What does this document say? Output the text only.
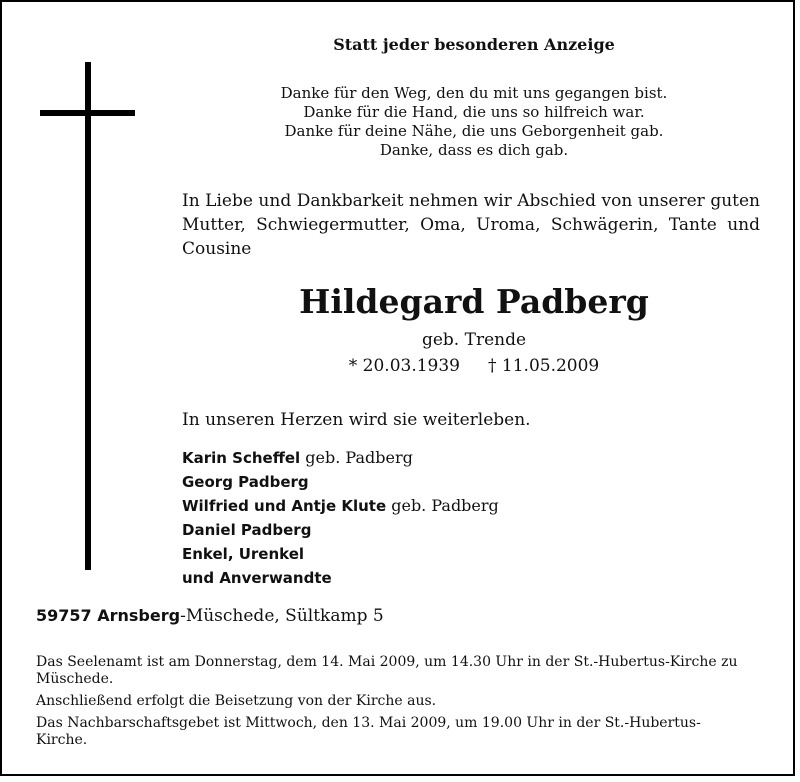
Statt jeder besonderen Anzeige
Danke für den Weg, den du mit uns gegangen bist.
Danke für die Hand, die uns so hilfreich war.
Danke für deine Nähe, die uns Geborgenheit gab.
Danke, dass es dich gab.
In Liebe und Dankbarkeit nehmen wir Abschied von unserer guten Mutter, Schwiegermutter, Oma, Uroma, Schwägerin, Tante und Cousine
Hildegard Padberg
geb. Trende
* 20.03.1939 † 11.05.2009
In unseren Herzen wird sie weiterleben.
Karin Scheffel geb. Padberg
Georg Padberg
Wilfried und Antje Klute geb. Padberg
Daniel Padberg
Enkel, Urenkel
und Anverwandte
59757 Arnsberg-Müschede, Sültkamp 5

Das Seelenamt ist am Donnerstag, dem 14. Mai 2009, um 14.30 Uhr in der St.-Hubertus-Kirche zu Müschede.

Anschließend erfolgt die Beisetzung von der Kirche aus.

Das Nachbarschaftsgebet ist Mittwoch, den 13. Mai 2009, um 19.00 Uhr in der St.-Hubertus-Kirche.
